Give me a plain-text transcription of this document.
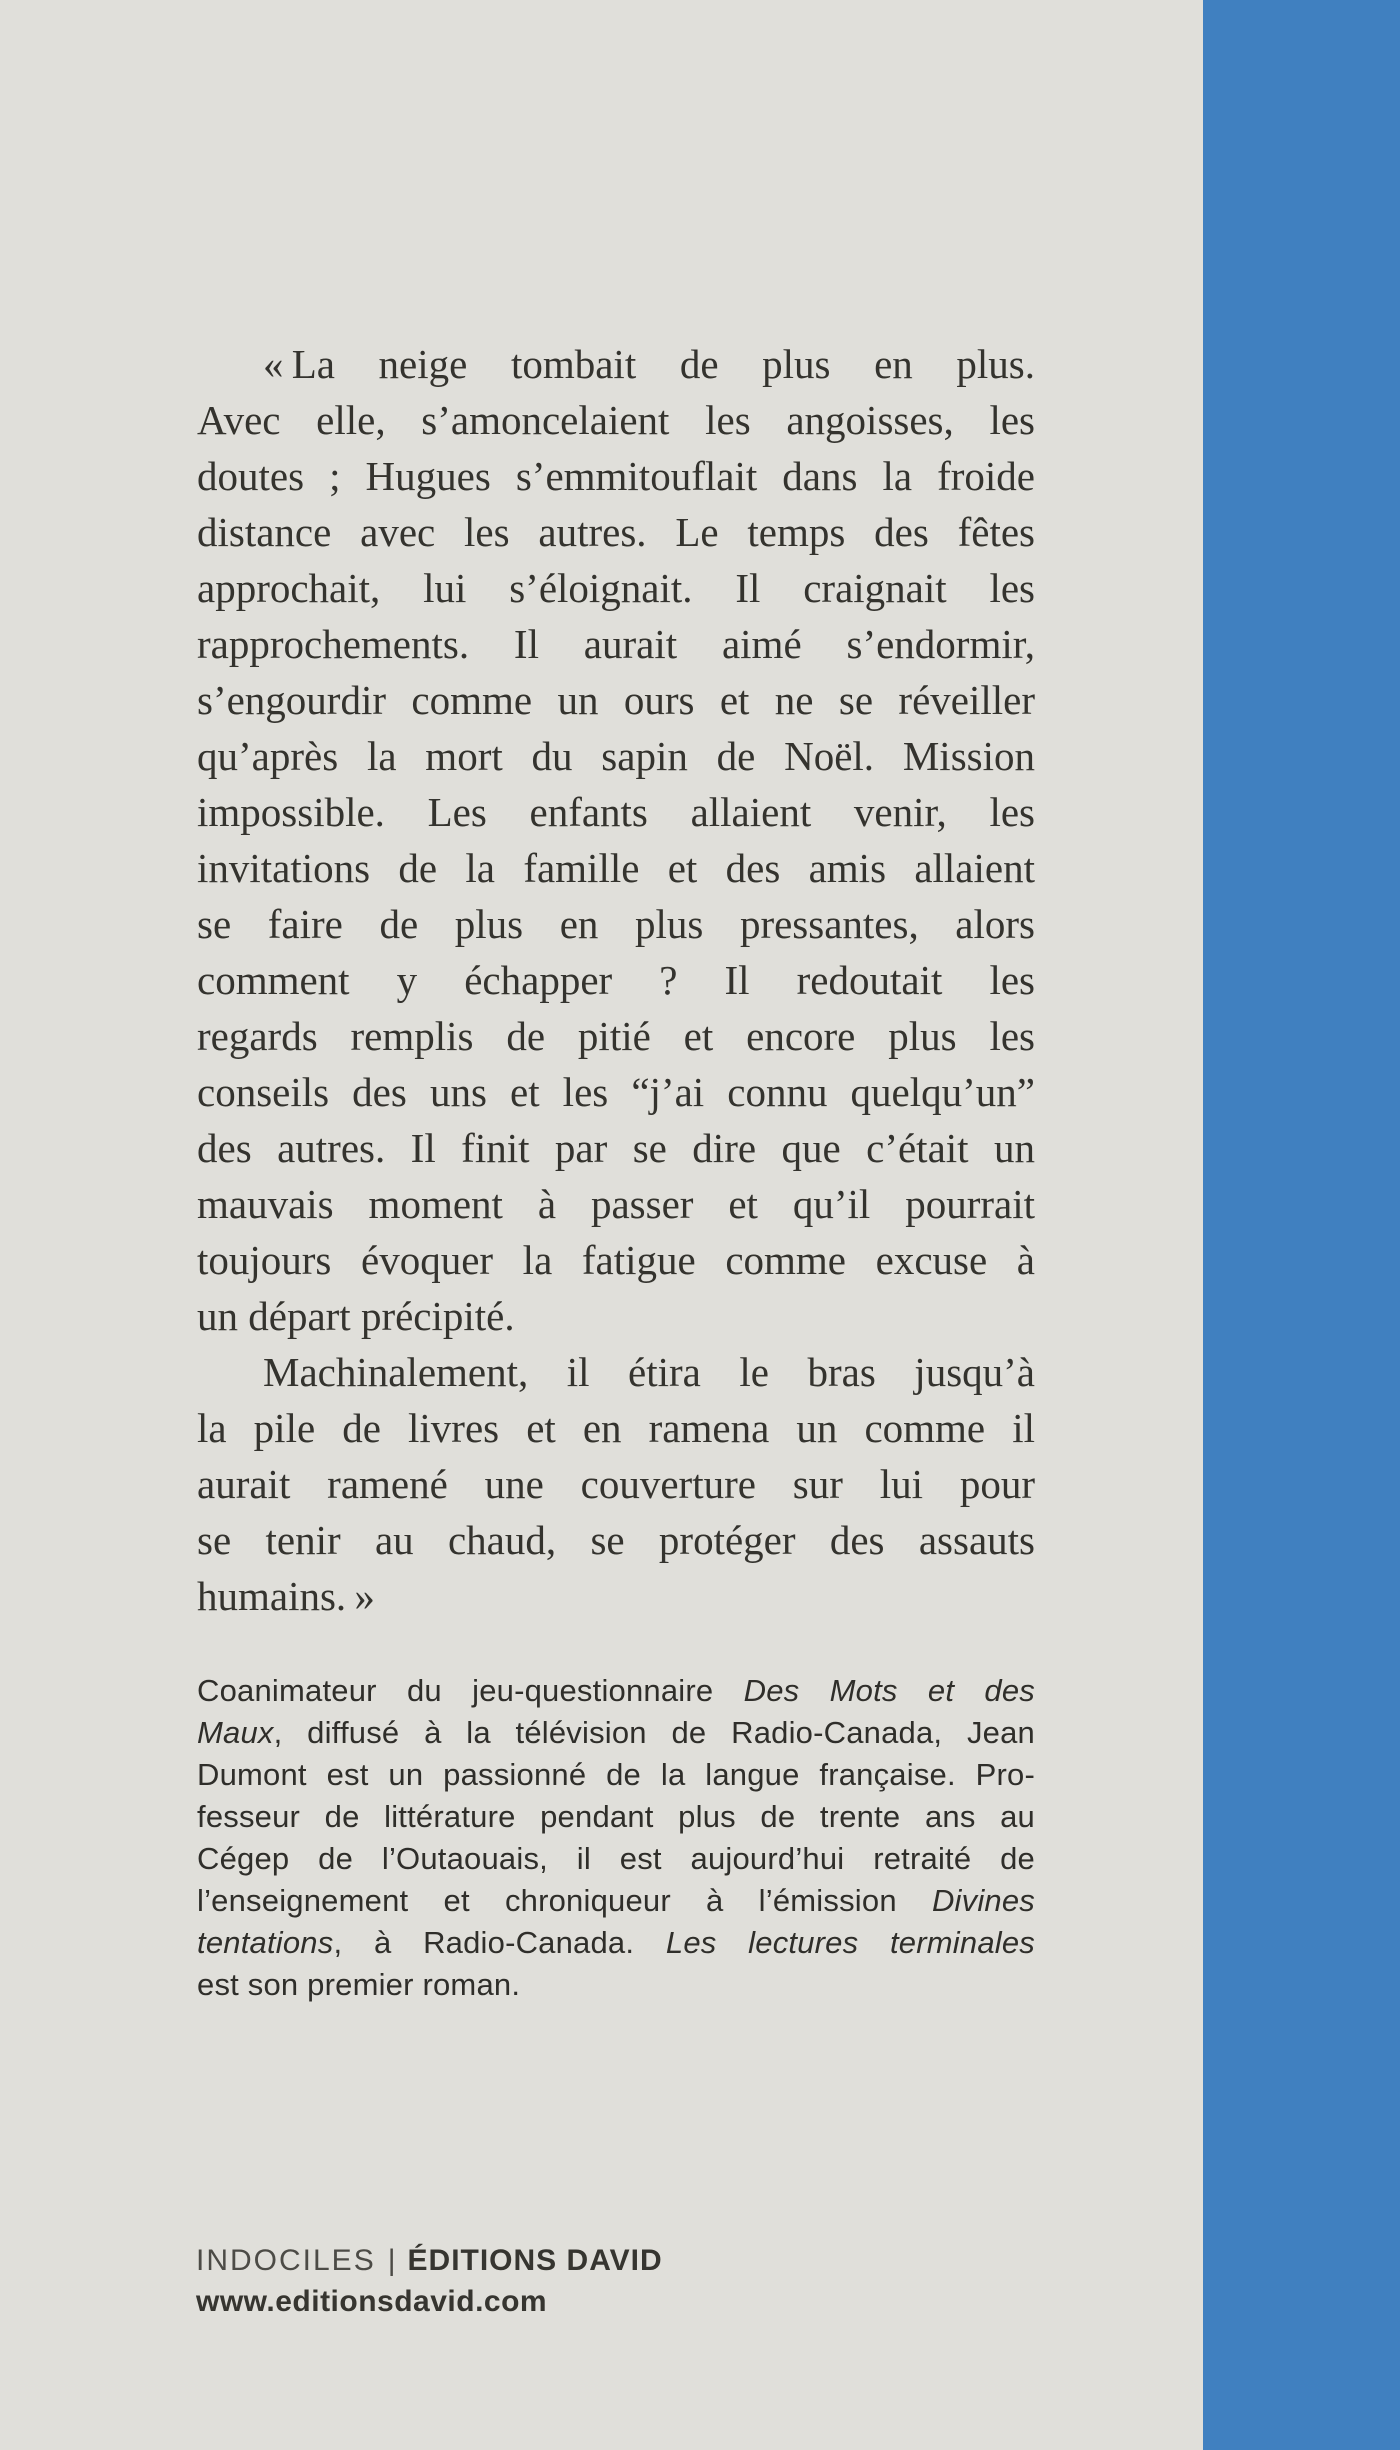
« La neige tombait de plus en plus.
Avec elle, s’amoncelaient les angoisses, les
doutes ; Hugues s’emmitouflait dans la froide
distance avec les autres. Le temps des fêtes
approchait, lui s’éloignait. Il craignait les
rapprochements. Il aurait aimé s’endormir,
s’engourdir comme un ours et ne se réveiller
qu’après la mort du sapin de Noël. Mission
impossible. Les enfants allaient venir, les
invitations de la famille et des amis allaient
se faire de plus en plus pressantes, alors
comment y échapper ? Il redoutait les
regards remplis de pitié et encore plus les
conseils des uns et les “j’ai connu quelqu’un”
des autres. Il finit par se dire que c’était un
mauvais moment à passer et qu’il pourrait
toujours évoquer la fatigue comme excuse à
un départ précipité.
Machinalement, il étira le bras jusqu’à
la pile de livres et en ramena un comme il
aurait ramené une couverture sur lui pour
se tenir au chaud, se protéger des assauts
humains. »
Coanimateur du jeu-questionnaire Des Mots et des
Maux, diffusé à la télévision de Radio-Canada, Jean
Dumont est un passionné de la langue française. Pro-
fesseur de littérature pendant plus de trente ans au
Cégep de l’Outaouais, il est aujourd’hui retraité de
l’enseignement et chroniqueur à l’émission Divines
tentations, à Radio-Canada. Les lectures terminales
est son premier roman.
INDOCILES | ÉDITIONS DAVID
www.editionsdavid.com
